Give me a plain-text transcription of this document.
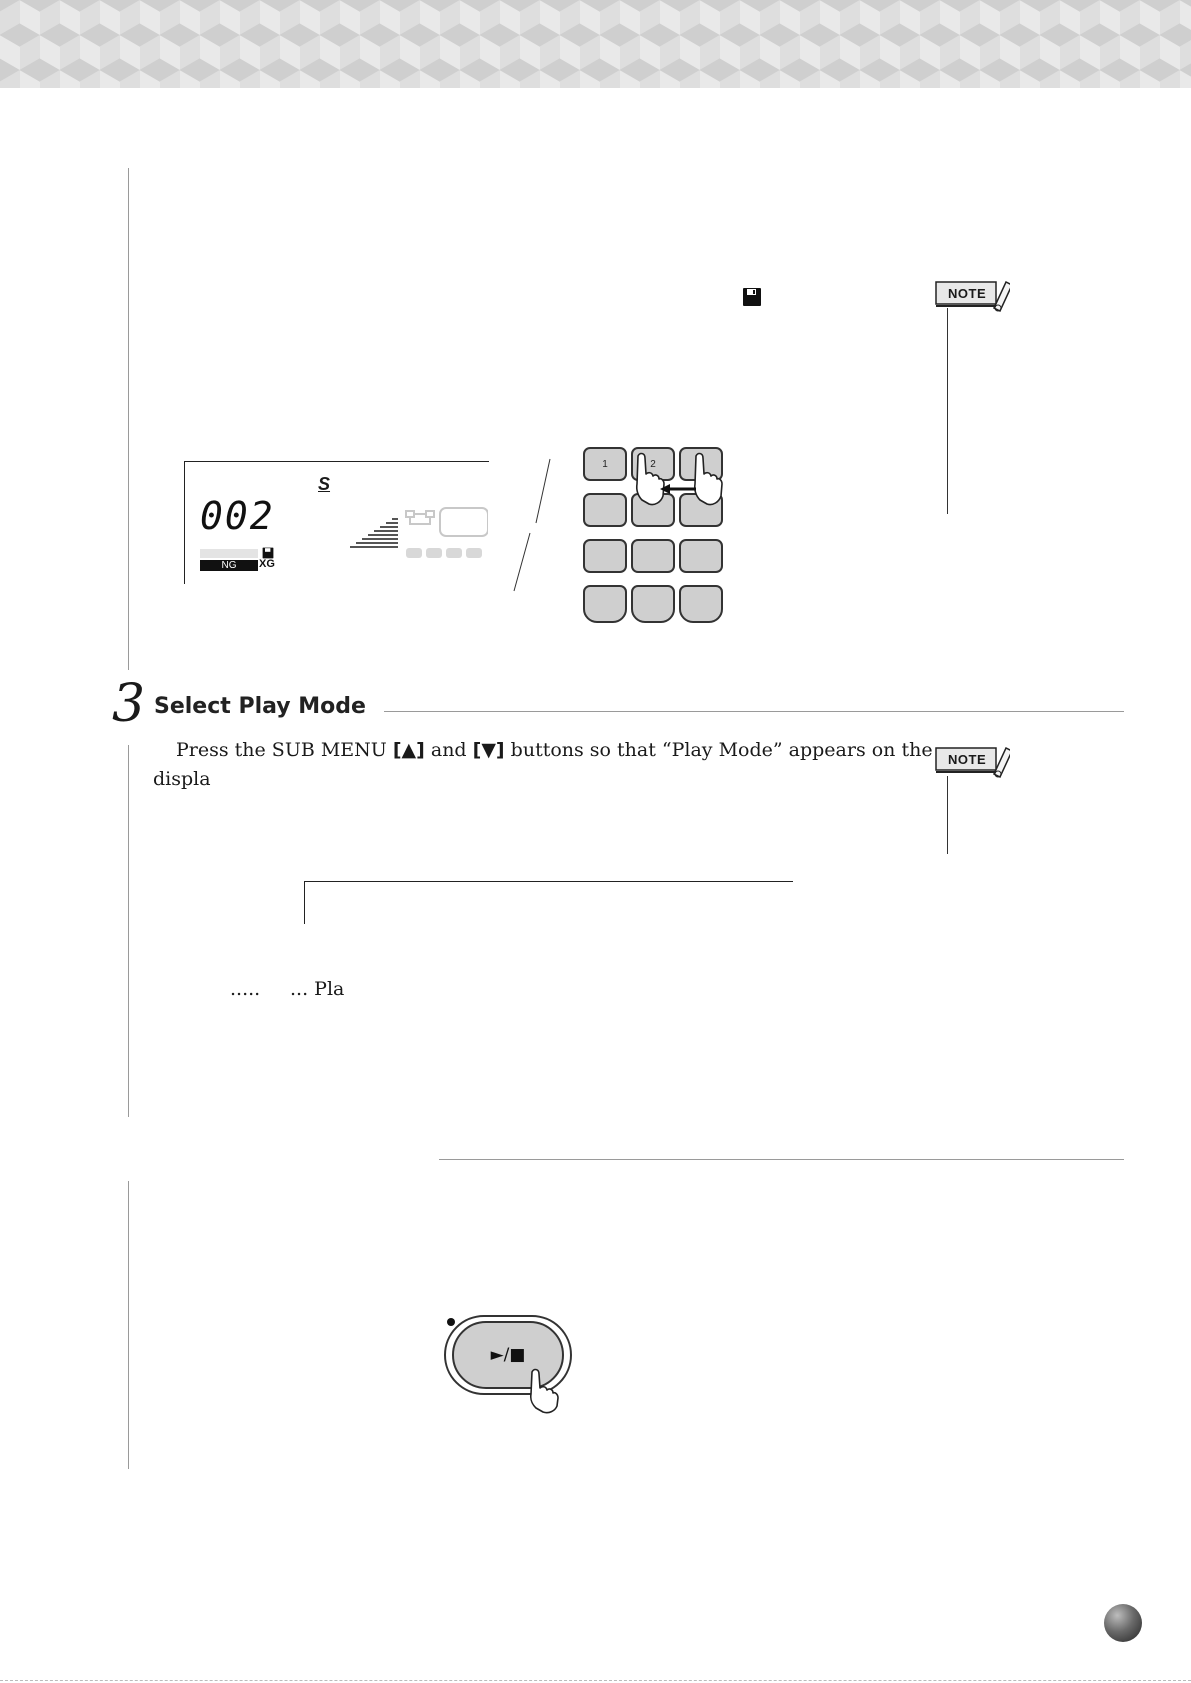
NOTE
002
S
NG	XG
1	2
3 Select Play Mode
NOTE
Press the SUB MENU [▲] and [▼] buttons so that “Play Mode” appears on the
displa
..... ... Pla
►/■
